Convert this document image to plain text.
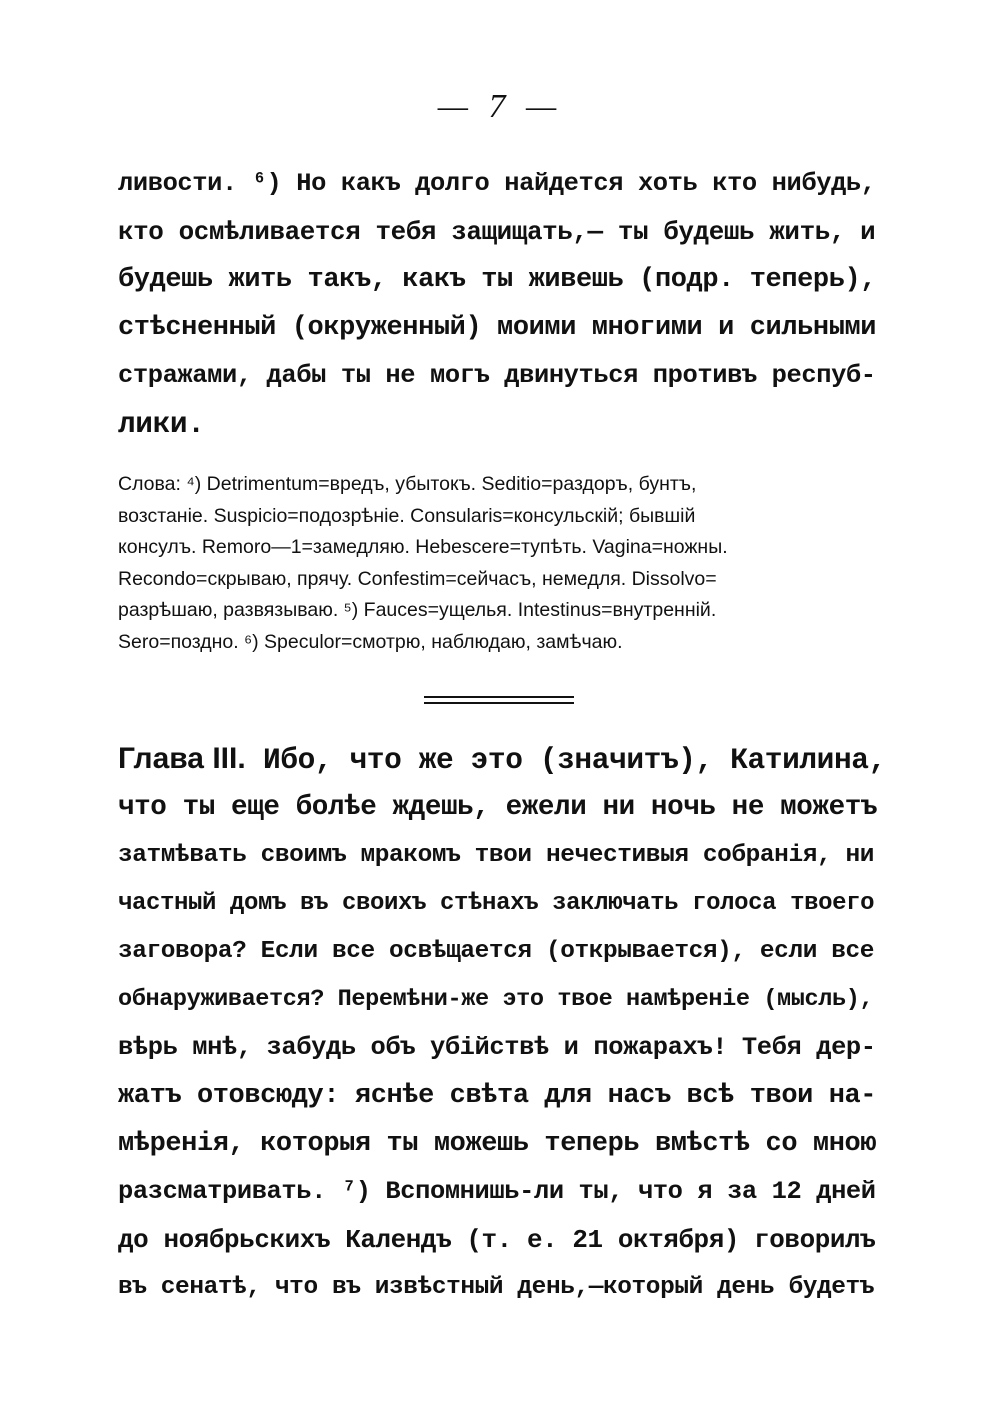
— 7 —
ливости. ⁶) Но какъ долго найдется хоть кто нибудь,
кто осмѣливается тебя защищать,— ты будешь жить, и
будешь жить такъ, какъ ты живешь (подр. теперь),
стѣсненный (окруженный) моими многими и сильными
стражами, дабы ты не могъ двинуться противъ респуб-
лики.
Слова: ⁴) Detrimentum=вредъ, убытокъ. Seditio=раздоръ, бунтъ,
возстаніе. Suspicio=подозрѣніе. Consularis=консульскій; бывшій
консулъ. Remoro—1=замедляю. Hebescere=тупѣть. Vagina=ножны.
Recondo=скрываю, прячу. Confestim=сейчасъ, немедля. Dissolvo=
разрѣшаю, развязываю. ⁵) Fauces=ущелья. Intestinus=внутренній.
Sero=поздно. ⁶) Speculor=смотрю, наблюдаю, замѣчаю.
Глава III. Ибо, что же это (значитъ), Катилина,
что ты еще болѣе ждешь, ежели ни ночь не можетъ
затмѣвать своимъ мракомъ твои нечестивыя собранія, ни
частный домъ въ своихъ стѣнахъ заключать голоса твоего
заговора? Если все освѣщается (открывается), если все
обнаруживается? Перемѣни-же это твое намѣреніе (мысль),
вѣрь мнѣ, забудь объ убійствѣ и пожарахъ! Тебя дер-
жатъ отовсюду: яснѣе свѣта для насъ всѣ твои на-
мѣренія, которыя ты можешь теперь вмѣстѣ со мною
разсматривать. ⁷) Вспомнишь-ли ты, что я за 12 дней
до ноябрьскихъ Календъ (т. е. 21 октября) говорилъ
въ сенатѣ, что въ извѣстный день,—который день будетъ
